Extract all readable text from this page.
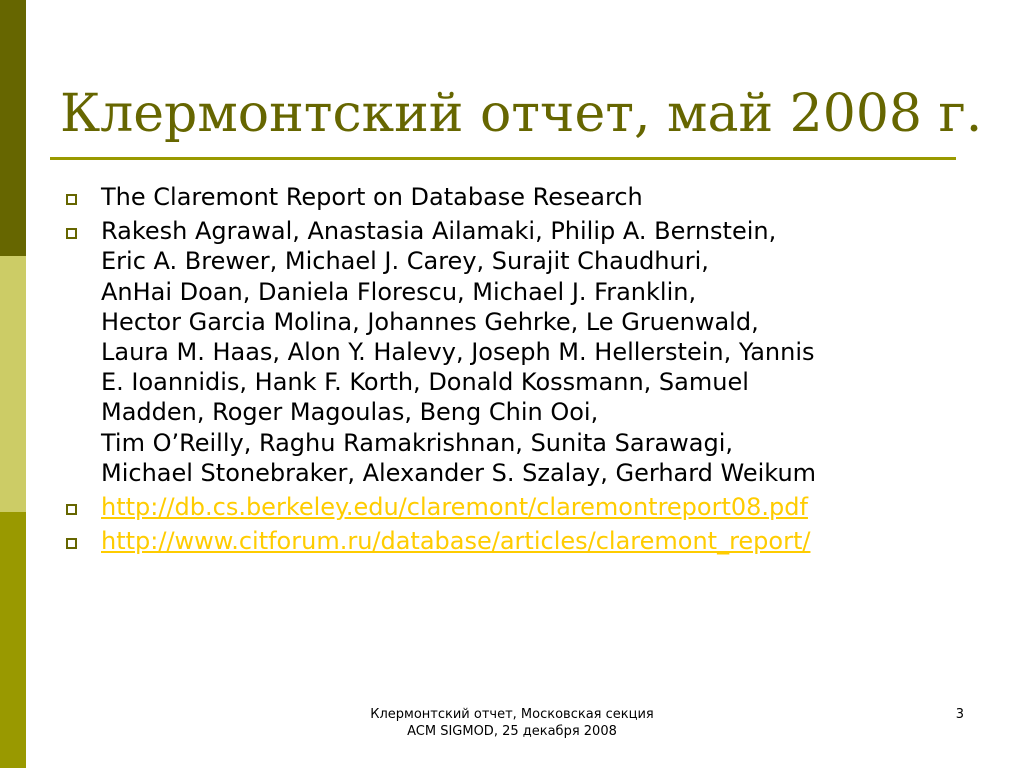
Клермонтский отчет, май 2008 г.
The Claremont Report on Database Research
Rakesh Agrawal, Anastasia Ailamaki, Philip A. Bernstein,
Eric A. Brewer, Michael J. Carey, Surajit Chaudhuri,
AnHai Doan, Daniela Florescu, Michael J. Franklin,
Hector Garcia Molina, Johannes Gehrke, Le Gruenwald,
Laura M. Haas, Alon Y. Halevy, Joseph M. Hellerstein, Yannis
E. Ioannidis, Hank F. Korth, Donald Kossmann, Samuel
Madden, Roger Magoulas, Beng Chin Ooi,
Tim O’Reilly, Raghu Ramakrishnan, Sunita Sarawagi,
Michael Stonebraker, Alexander S. Szalay, Gerhard Weikum
http://db.cs.berkeley.edu/claremont/claremontreport08.pdf
http://www.citforum.ru/database/articles/claremont_report/
Клермонтский отчет, Московская секция
ACM SIGMOD, 25 декабря 2008
3
